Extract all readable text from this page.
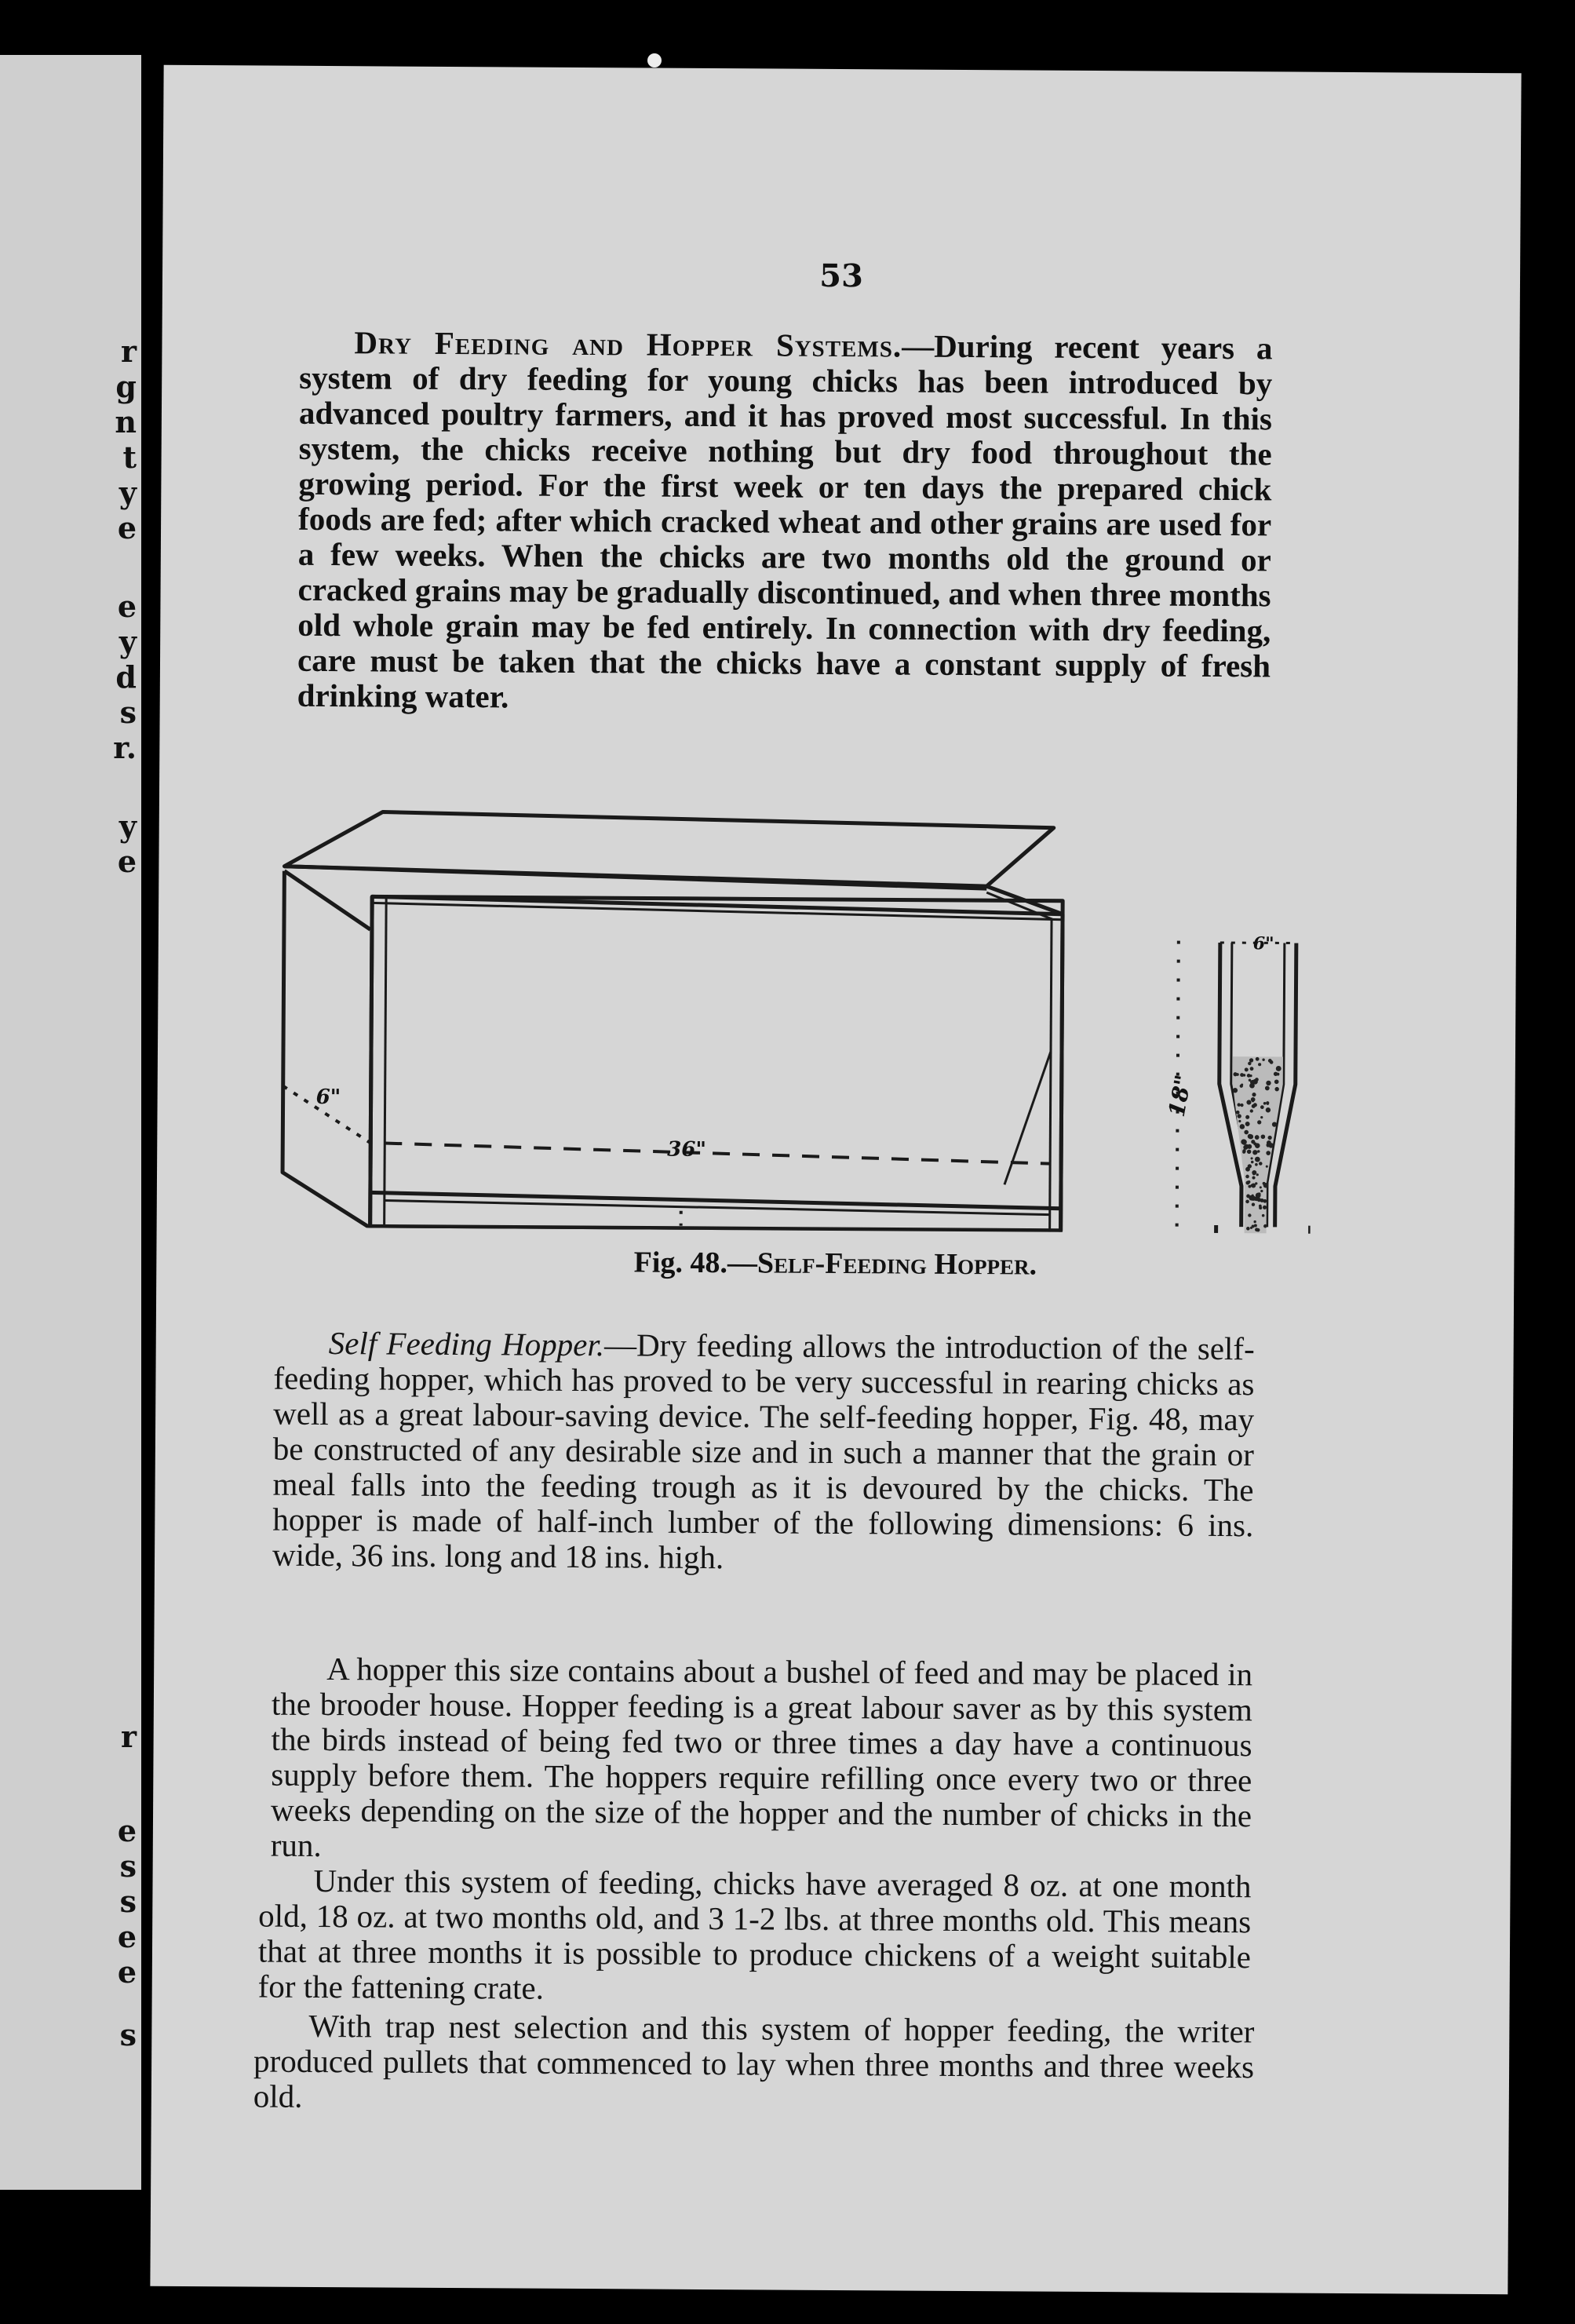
r
g
n
t
y
e
e
y
d
s
r.
y
e
r
e
s
s
e
e
s
53
Dry Feeding and Hopper Systems.—During recent years a system of dry feeding for young chicks has been introduced by advanced poultry farmers, and it has proved most successful. In this system, the chicks receive nothing but dry food throughout the growing period. For the first week or ten days the prepared chick foods are fed; after which cracked wheat and other grains are used for a few weeks. When the chicks are two months old the ground or cracked grains may be gradually discontinued, and when three months old whole grain may be fed entirely. In connection with dry feeding, care must be taken that the chicks have a constant supply of fresh drinking water.
6"
36"
18"
6"
Fig. 48.—Self-Feeding Hopper.
Self Feeding Hopper.—Dry feeding allows the introduction of the self-feeding hopper, which has proved to be very successful in rearing chicks as well as a great labour-saving device. The self-feeding hopper, Fig. 48, may be constructed of any desirable size and in such a manner that the grain or meal falls into the feeding trough as it is devoured by the chicks. The hopper is made of half-inch lumber of the following dimensions: 6 ins. wide, 36 ins. long and 18 ins. high.
A hopper this size contains about a bushel of feed and may be placed in the brooder house. Hopper feeding is a great labour saver as by this system the birds instead of being fed two or three times a day have a continuous supply before them. The hoppers require refilling once every two or three weeks depending on the size of the hopper and the number of chicks in the run.
Under this system of feeding, chicks have averaged 8 oz. at one month old, 18 oz. at two months old, and 3 1-2 lbs. at three months old. This means that at three months it is possible to produce chickens of a weight suitable for the fattening crate.
With trap nest selection and this system of hopper feeding, the writer produced pullets that commenced to lay when three months and three weeks old.
